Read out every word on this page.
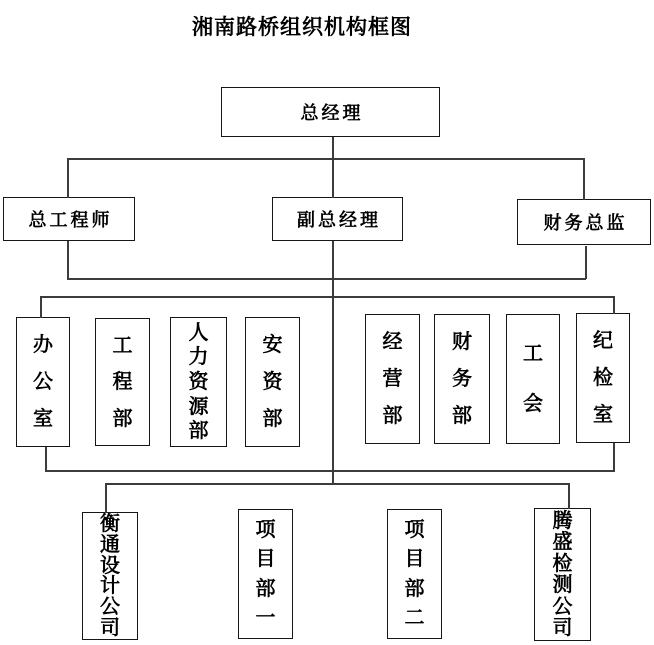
湘南路桥组织机构框图
总经理
总工程师	副总经理	财务总监
办
公
室
工
程
部
人
力
资
源
部
安
资
部
经
营
部
财
务
部
工
会
纪
检
室
衡
通
设
计
公
司
项
目
部
一
项
目
部
二
腾
盛
检
测
公
司
